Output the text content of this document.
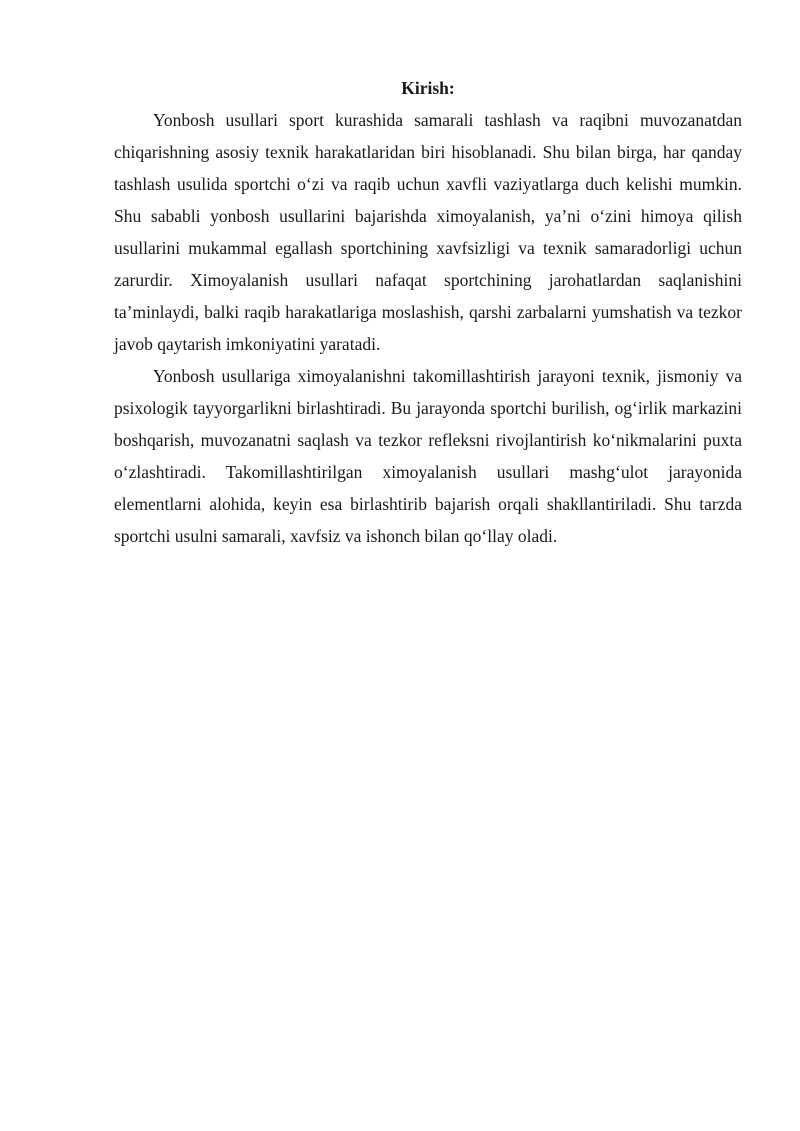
Kirish:

Yonbosh usullari sport kurashida samarali tashlash va raqibni muvozanatdan chiqarishning asosiy texnik harakatlaridan biri hisoblanadi. Shu bilan birga, har qanday tashlash usulida sportchi o‘zi va raqib uchun xavfli vaziyatlarga duch kelishi mumkin. Shu sababli yonbosh usullarini bajarishda ximoyalanish, ya’ni o‘zini himoya qilish usullarini mukammal egallash sportchining xavfsizligi va texnik samaradorligi uchun zarurdir. Ximoyalanish usullari nafaqat sportchining jarohatlardan saqlanishini ta’minlaydi, balki raqib harakatlariga moslashish, qarshi zarbalarni yumshatish va tezkor javob qaytarish imkoniyatini yaratadi.

Yonbosh usullariga ximoyalanishni takomillashtirish jarayoni texnik, jismoniy va psixologik tayyorgarlikni birlashtiradi. Bu jarayonda sportchi burilish, og‘irlik markazini boshqarish, muvozanatni saqlash va tezkor refleksni rivojlantirish ko‘nikmalarini puxta o‘zlashtiradi. Takomillashtirilgan ximoyalanish usullari mashg‘ulot jarayonida elementlarni alohida, keyin esa birlashtirib bajarish orqali shakllantiriladi. Shu tarzda sportchi usulni samarali, xavfsiz va ishonch bilan qo‘llay oladi.
